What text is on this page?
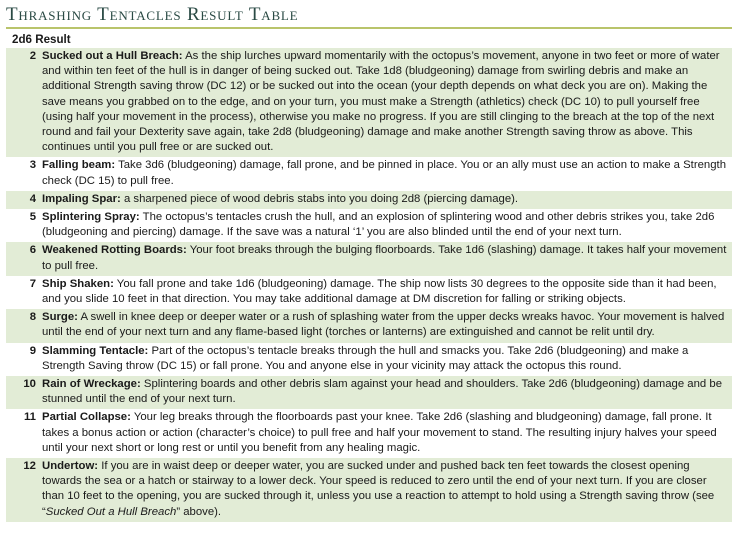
Thrashing Tentacles Result Table
2d6 Result
2	Sucked out a Hull Breach: As the ship lurches upward momentarily with the octopus’s movement, anyone in two feet or more of water and within ten feet of the hull is in danger of being sucked out. Take 1d8 (bludgeoning) damage from swirling debris and make an additional Strength saving throw (DC 12) or be sucked out into the ocean (your depth depends on what deck you are on). Making the save means you grabbed on to the edge, and on your turn, you must make a Strength (athletics) check (DC 10) to pull yourself free (using half your movement in the process), otherwise you make no progress. If you are still clinging to the breach at the top of the next round and fail your Dexterity save again, take 2d8 (bludgeoning) damage and make another Strength saving throw as above. This continues until you pull free or are sucked out.
3	Falling beam: Take 3d6 (bludgeoning) damage, fall prone, and be pinned in place. You or an ally must use an action to make a Strength check (DC 15) to pull free.
4	Impaling Spar: a sharpened piece of wood debris stabs into you doing 2d8 (piercing damage).
5	Splintering Spray: The octopus’s tentacles crush the hull, and an explosion of splintering wood and other debris strikes you, take 2d6 (bludgeoning and piercing) damage. If the save was a natural ‘1’ you are also blinded until the end of your next turn.
6	Weakened Rotting Boards: Your foot breaks through the bulging floorboards. Take 1d6 (slashing) damage. It takes half your movement to pull free.
7	Ship Shaken: You fall prone and take 1d6 (bludgeoning) damage. The ship now lists 30 degrees to the opposite side than it had been, and you slide 10 feet in that direction. You may take additional damage at DM discretion for falling or striking objects.
8	Surge: A swell in knee deep or deeper water or a rush of splashing water from the upper decks wreaks havoc. Your movement is halved until the end of your next turn and any flame-based light (torches or lanterns) are extinguished and cannot be relit until dry.
9	Slamming Tentacle: Part of the octopus’s tentacle breaks through the hull and smacks you. Take 2d6 (bludgeoning) and make a Strength Saving throw (DC 15) or fall prone. You and anyone else in your vicinity may attack the octopus this round.
10	Rain of Wreckage: Splintering boards and other debris slam against your head and shoulders. Take 2d6 (bludgeoning) damage and be stunned until the end of your next turn.
11	Partial Collapse: Your leg breaks through the floorboards past your knee. Take 2d6 (slashing and bludgeoning) damage, fall prone. It takes a bonus action or action (character’s choice) to pull free and half your movement to stand. The resulting injury halves your speed until your next short or long rest or until you benefit from any healing magic.
12	Undertow: If you are in waist deep or deeper water, you are sucked under and pushed back ten feet towards the closest opening towards the sea or a hatch or stairway to a lower deck. Your speed is reduced to zero until the end of your next turn. If you are closer than 10 feet to the opening, you are sucked through it, unless you use a reaction to attempt to hold using a Strength saving throw (see “Sucked Out a Hull Breach” above).
